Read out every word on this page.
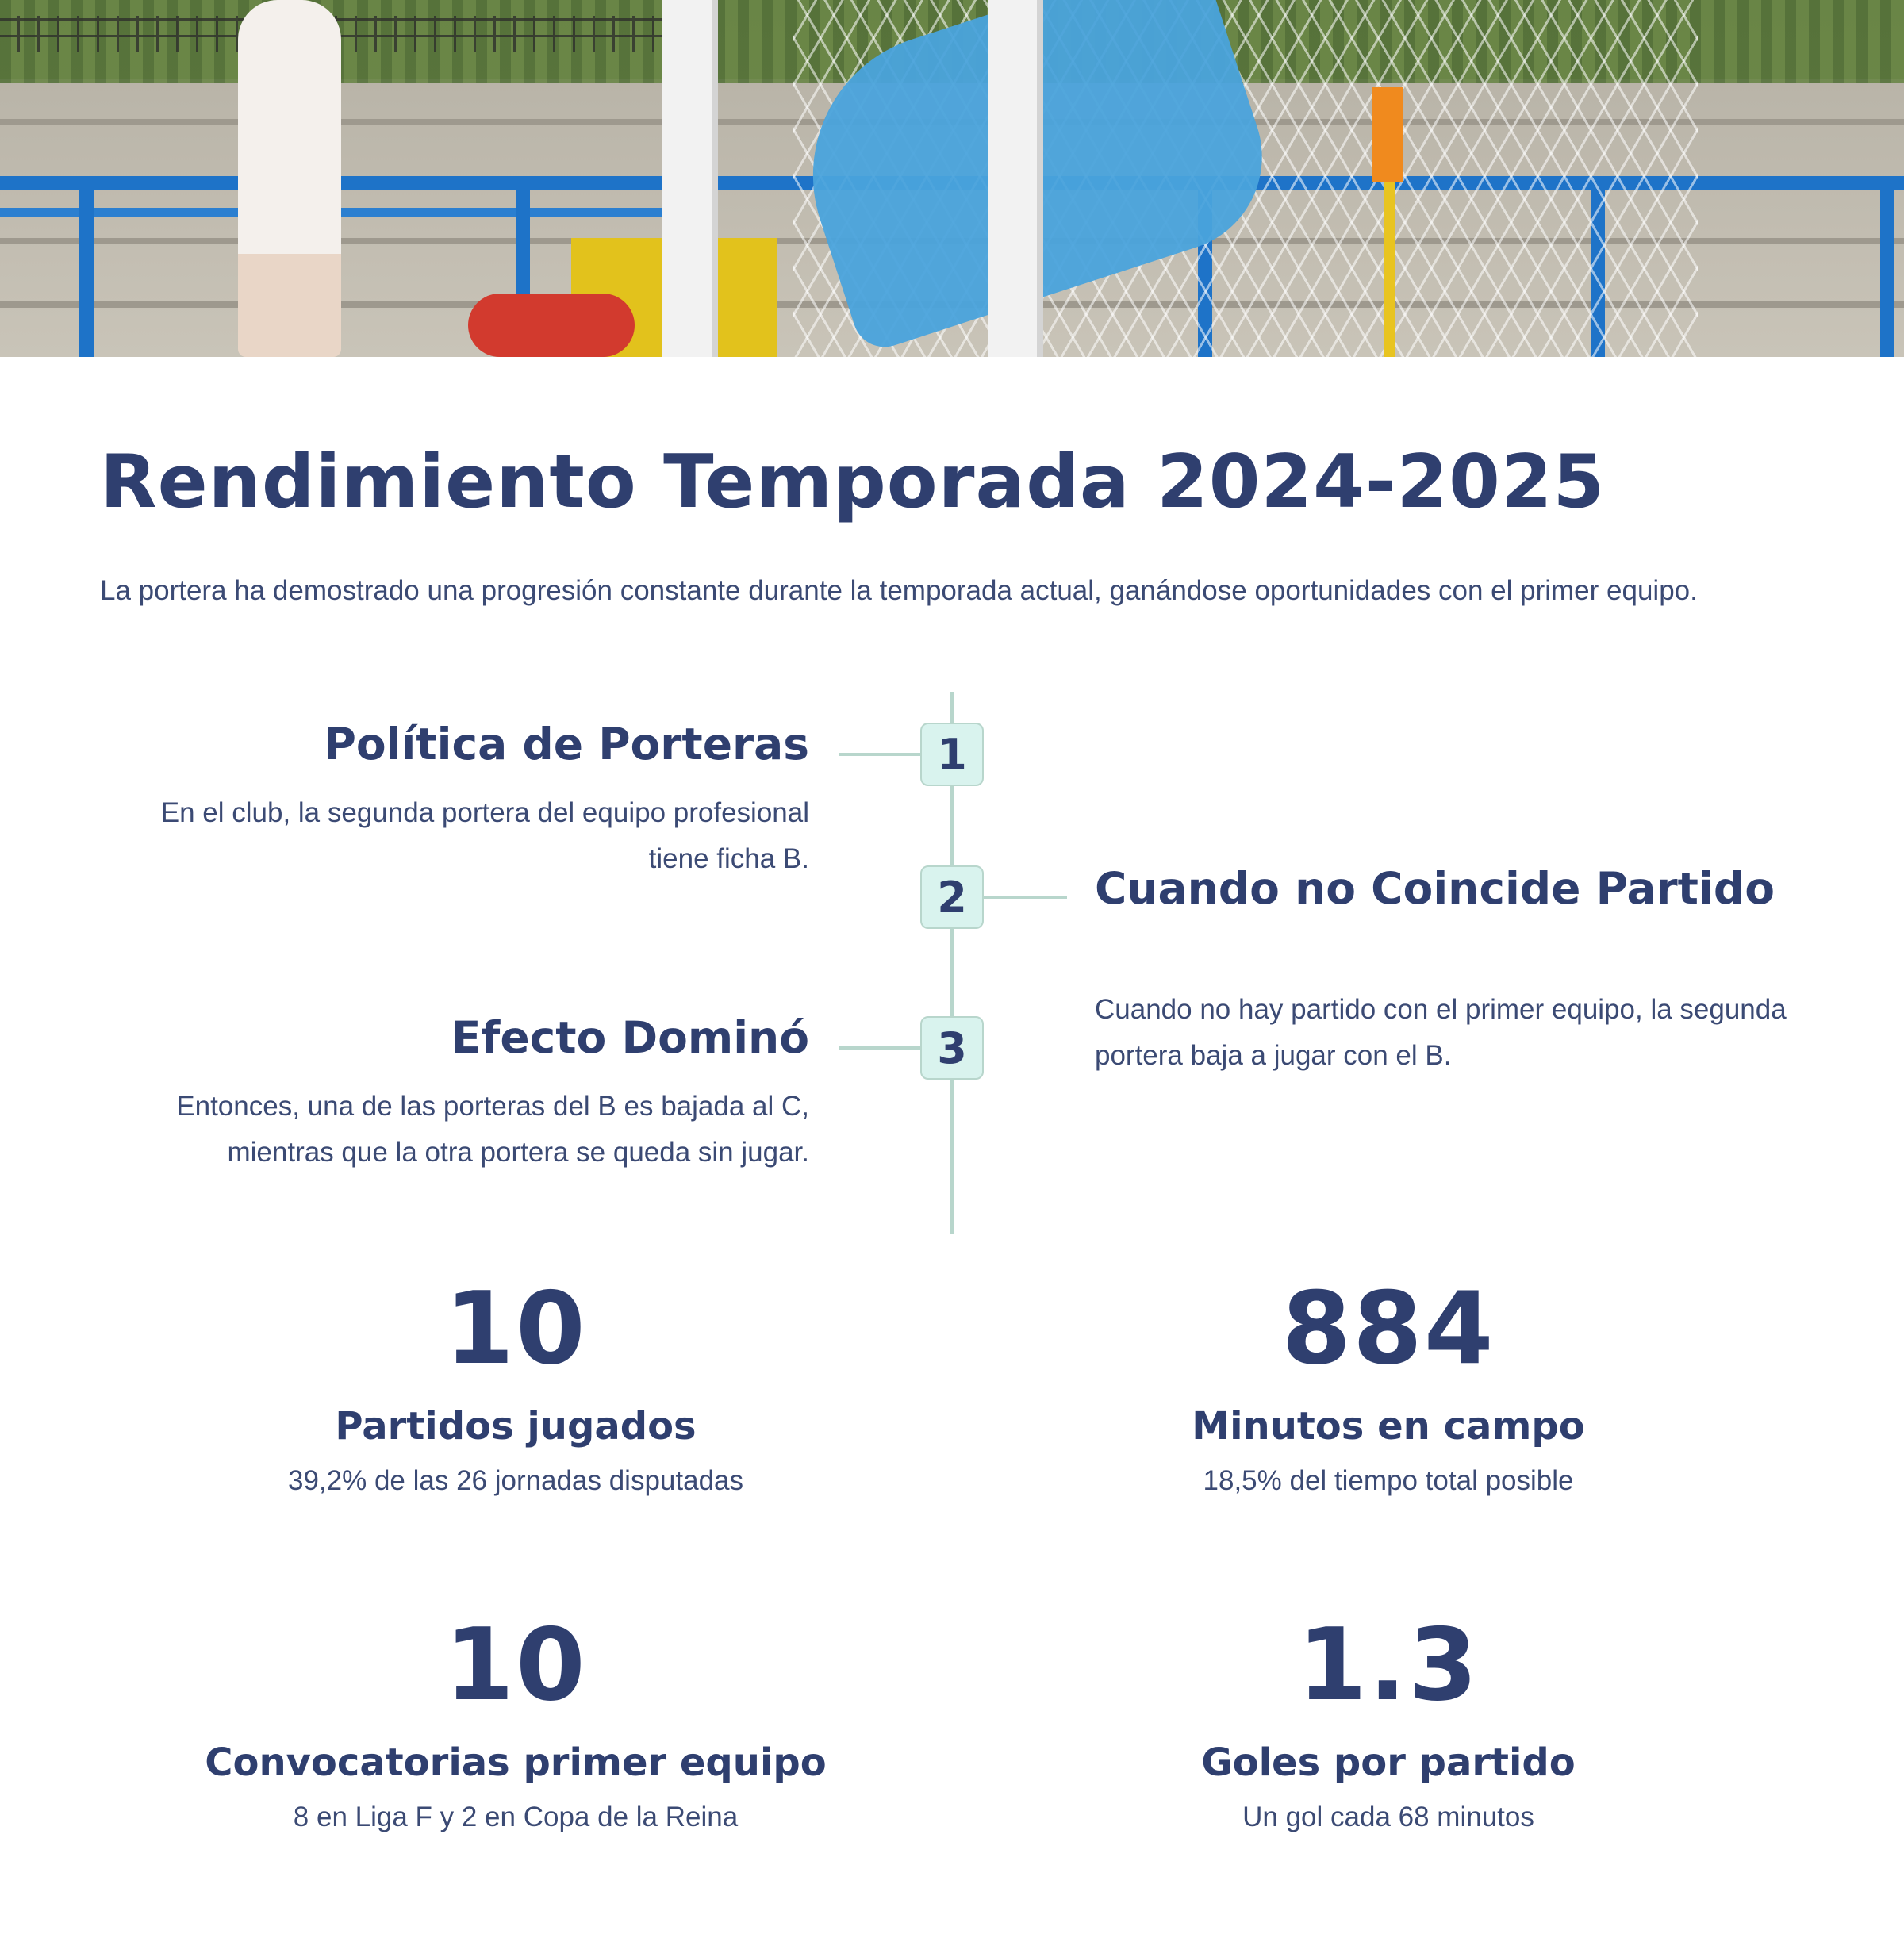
Rendimiento Temporada 2024-2025

La portera ha demostrado una progresión constante durante la temporada actual, ganándose oportunidades con el primer equipo.

1
Política de Porteras

En el club, la segunda portera del equipo profesional tiene ficha B.

2	Cuando no Coincide Partido

Cuando no hay partido con el primer equipo, la segunda portera baja a jugar con el B.

3
Efecto Dominó

Entonces, una de las porteras del B es bajada al C, mientras que la otra portera se queda sin jugar.

10
Partidos jugados
39,2% de las 26 jornadas disputadas
884
Minutos en campo
18,5% del tiempo total posible
10
Convocatorias primer equipo
8 en Liga F y 2 en Copa de la Reina
1.3
Goles por partido
Un gol cada 68 minutos
